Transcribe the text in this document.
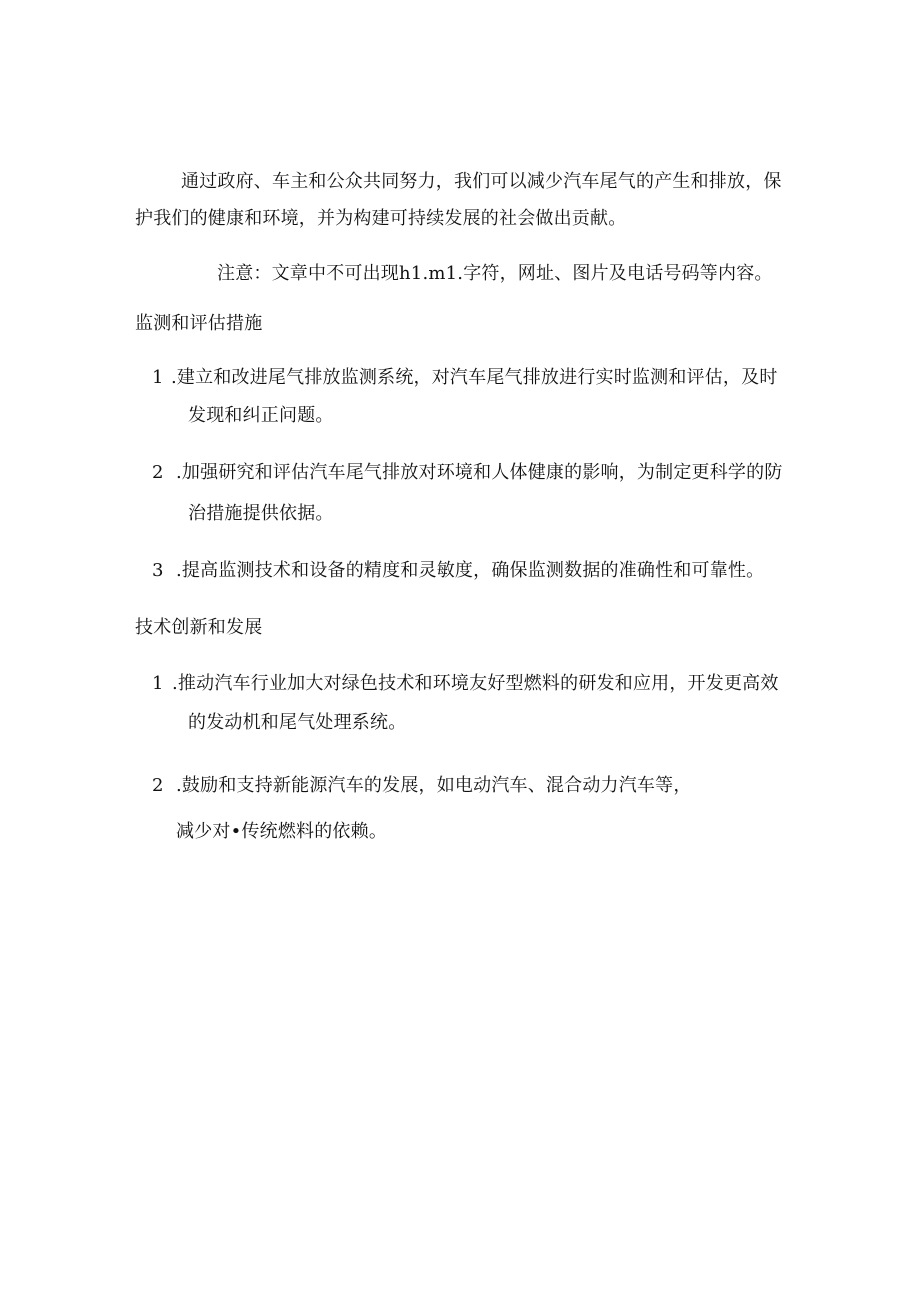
通过政府、车主和公众共同努力，我们可以减少汽车尾气的产生和排放，保
护我们的健康和环境，并为构建可持续发展的社会做出贡献。
注意：文章中不可出现h1.m1.字符，网址、图片及电话号码等内容。
监测和评估措施
1 .建立和改进尾气排放监测系统，对汽车尾气排放进行实时监测和评估，及时
发现和纠正问题。
2 .加强研究和评估汽车尾气排放对环境和人体健康的影响，为制定更科学的防
治措施提供依据。
3 .提高监测技术和设备的精度和灵敏度，确保监测数据的准确性和可靠性。
技术创新和发展
1 .推动汽车行业加大对绿色技术和环境友好型燃料的研发和应用，开发更高效
的发动机和尾气处理系统。
2 .鼓励和支持新能源汽车的发展，如电动汽车、混合动力汽车等，
减少对•传统燃料的依赖。
